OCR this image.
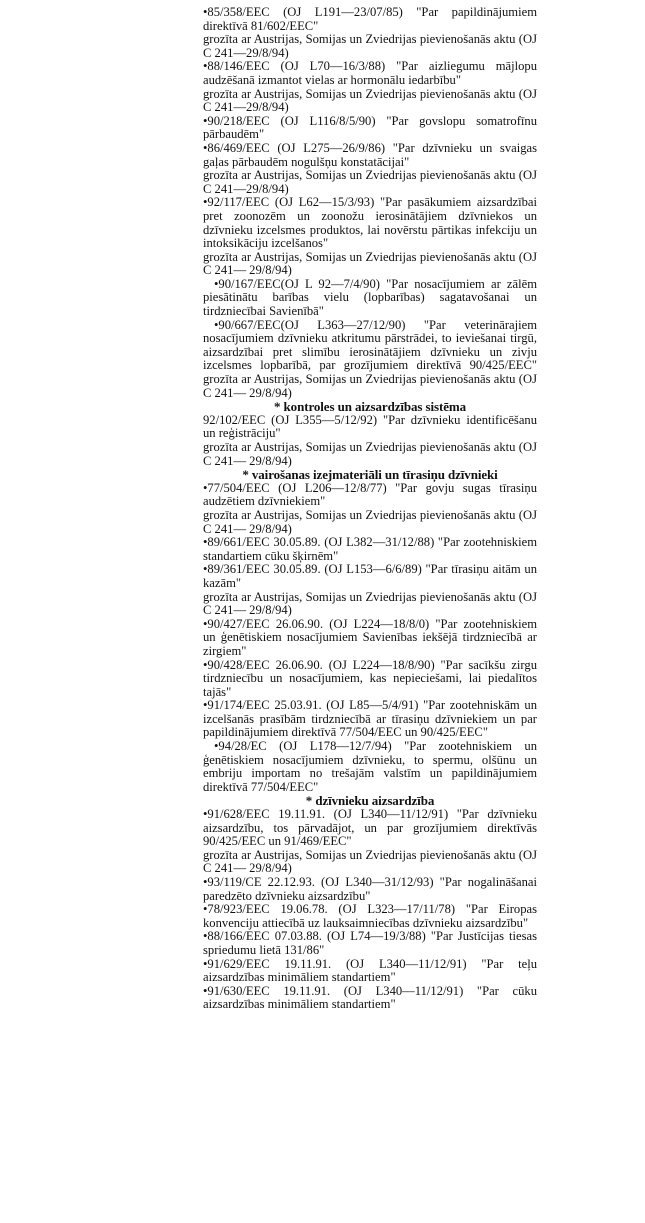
•85/358/EEC (OJ L191—23/07/85) "Par papildinājumiem direktīvā 81/602/EEC"

grozīta ar Austrijas, Somijas un Zviedrijas pievienošanās aktu (OJ C 241—29/8/94)

•88/146/EEC (OJ L70—16/3/88) "Par aizliegumu mājlopu audzēšanā izmantot vielas ar hormonālu iedarbību"

grozīta ar Austrijas, Somijas un Zviedrijas pievienošanās aktu (OJ C 241—29/8/94)

•90/218/EEC (OJ L116/8/5/90) "Par govslopu somatrofīnu pārbaudēm"

•86/469/EEC (OJ L275—26/9/86) "Par dzīvnieku un svaigas gaļas pārbaudēm nogulšņu konstatācijai"

grozīta ar Austrijas, Somijas un Zviedrijas pievienošanās aktu (OJ C 241—29/8/94)

•92/117/EEC (OJ L62—15/3/93) "Par pasākumiem aizsardzībai pret zoonozēm un zoonožu ierosinātājiem dzīvniekos un dzīvnieku izcelsmes produktos, lai novērstu pārtikas infekciju un intoksikāciju izcelšanos"

grozīta ar Austrijas, Somijas un Zviedrijas pievienošanās aktu (OJ C 241— 29/8/94)

•90/167/EEC(OJ L 92—7/4/90) "Par nosacījumiem ar zālēm piesātinātu barības vielu (lopbarības) sagatavošanai un tirdzniecībai Savienībā"

•90/667/EEC(OJ L363—27/12/90) "Par veterinārajiem nosacījumiem dzīvnieku atkritumu pārstrādei, to ieviešanai tirgū, aizsardzībai pret slimību ierosinātājiem dzīvnieku un zivju izcelsmes lopbarībā, par grozījumiem direktīvā 90/425/EEC" grozīta ar Austrijas, Somijas un Zviedrijas pievienošanās aktu (OJ C 241— 29/8/94)

* kontroles un aizsardzības sistēma

92/102/EEC (OJ L355—5/12/92) "Par dzīvnieku identificēšanu un reģistrāciju"

grozīta ar Austrijas, Somijas un Zviedrijas pievienošanās aktu (OJ C 241— 29/8/94)

* vairošanas izejmateriāli un tīrasiņu dzīvnieki

•77/504/EEC (OJ L206—12/8/77) "Par govju sugas tīrasiņu audzētiem dzīvniekiem"

grozīta ar Austrijas, Somijas un Zviedrijas pievienošanās aktu (OJ C 241— 29/8/94)

•89/661/EEC 30.05.89. (OJ L382—31/12/88) "Par zootehniskiem standartiem cūku šķirnēm"

•89/361/EEC 30.05.89. (OJ L153—6/6/89) "Par tīrasiņu aitām un kazām"

grozīta ar Austrijas, Somijas un Zviedrijas pievienošanās aktu (OJ C 241— 29/8/94)

•90/427/EEC 26.06.90. (OJ L224—18/8/0) "Par zootehniskiem un ģenētiskiem nosacījumiem Savienības iekšējā tirdzniecībā ar zirgiem"

•90/428/EEC 26.06.90. (OJ L224—18/8/90) "Par sacīkšu zirgu tirdzniecību un nosacījumiem, kas nepieciešami, lai piedalītos tajās"

•91/174/EEC 25.03.91. (OJ L85—5/4/91) "Par zootehniskām un izcelšanās prasībām tirdzniecībā ar tīrasiņu dzīvniekiem un par papildinājumiem direktīvā 77/504/EEC un 90/425/EEC"

•94/28/EC (OJ L178—12/7/94) "Par zootehniskiem un ģenētiskiem nosacījumiem dzīvnieku, to spermu, olšūnu un embriju importam no trešajām valstīm un papildinājumiem direktīvā 77/504/EEC"

* dzīvnieku aizsardzība

•91/628/EEC 19.11.91. (OJ L340—11/12/91) "Par dzīvnieku aizsardzību, tos pārvadājot, un par grozījumiem direktīvās 90/425/EEC un 91/469/EEC"

grozīta ar Austrijas, Somijas un Zviedrijas pievienošanās aktu (OJ C 241— 29/8/94)

•93/119/CE 22.12.93. (OJ L340—31/12/93) "Par nogalināšanai paredzēto dzīvnieku aizsardzību"

•78/923/EEC 19.06.78. (OJ L323—17/11/78) "Par Eiropas konvenciju attiecībā uz lauksaimniecības dzīvnieku aizsardzību"

•88/166/EEC 07.03.88. (OJ L74—19/3/88) "Par Justīcijas tiesas spriedumu lietā 131/86"

•91/629/EEC 19.11.91. (OJ L340—11/12/91) "Par teļu aizsardzības minimāliem standartiem"

•91/630/EEC 19.11.91. (OJ L340—11/12/91) "Par cūku aizsardzības minimāliem standartiem"
